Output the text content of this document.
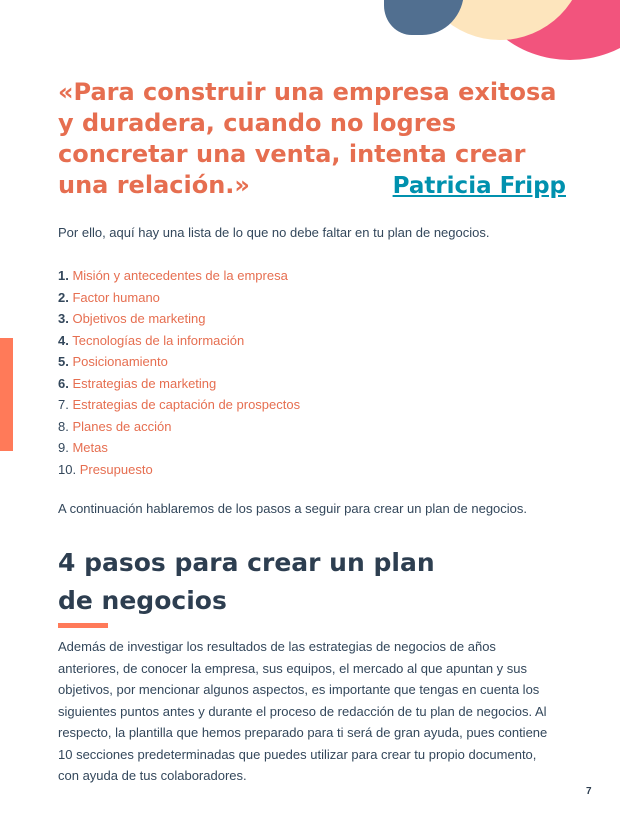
«Para construir una empresa exitosa y duradera, cuando no logres concretar una venta, intenta crear una relación.»	Patricia Fripp

Por ello, aquí hay una lista de lo que no debe faltar en tu plan de negocios.

1. Misión y antecedentes de la empresa
2. Factor humano
3. Objetivos de marketing
4. Tecnologías de la información
5. Posicionamiento
6. Estrategias de marketing
7. Estrategias de captación de prospectos
8. Planes de acción
9. Metas
10. Presupuesto

A continuación hablaremos de los pasos a seguir para crear un plan de negocios.

4 pasos para crear un plan de negocios

Además de investigar los resultados de las estrategias de negocios de años anteriores, de conocer la empresa, sus equipos, el mercado al que apuntan y sus objetivos, por mencionar algunos aspectos, es importante que tengas en cuenta los siguientes puntos antes y durante el proceso de redacción de tu plan de negocios. Al respecto, la plantilla que hemos preparado para ti será de gran ayuda, pues contiene 10 secciones predeterminadas que puedes utilizar para crear tu propio documento, con ayuda de tus colaboradores.

7
